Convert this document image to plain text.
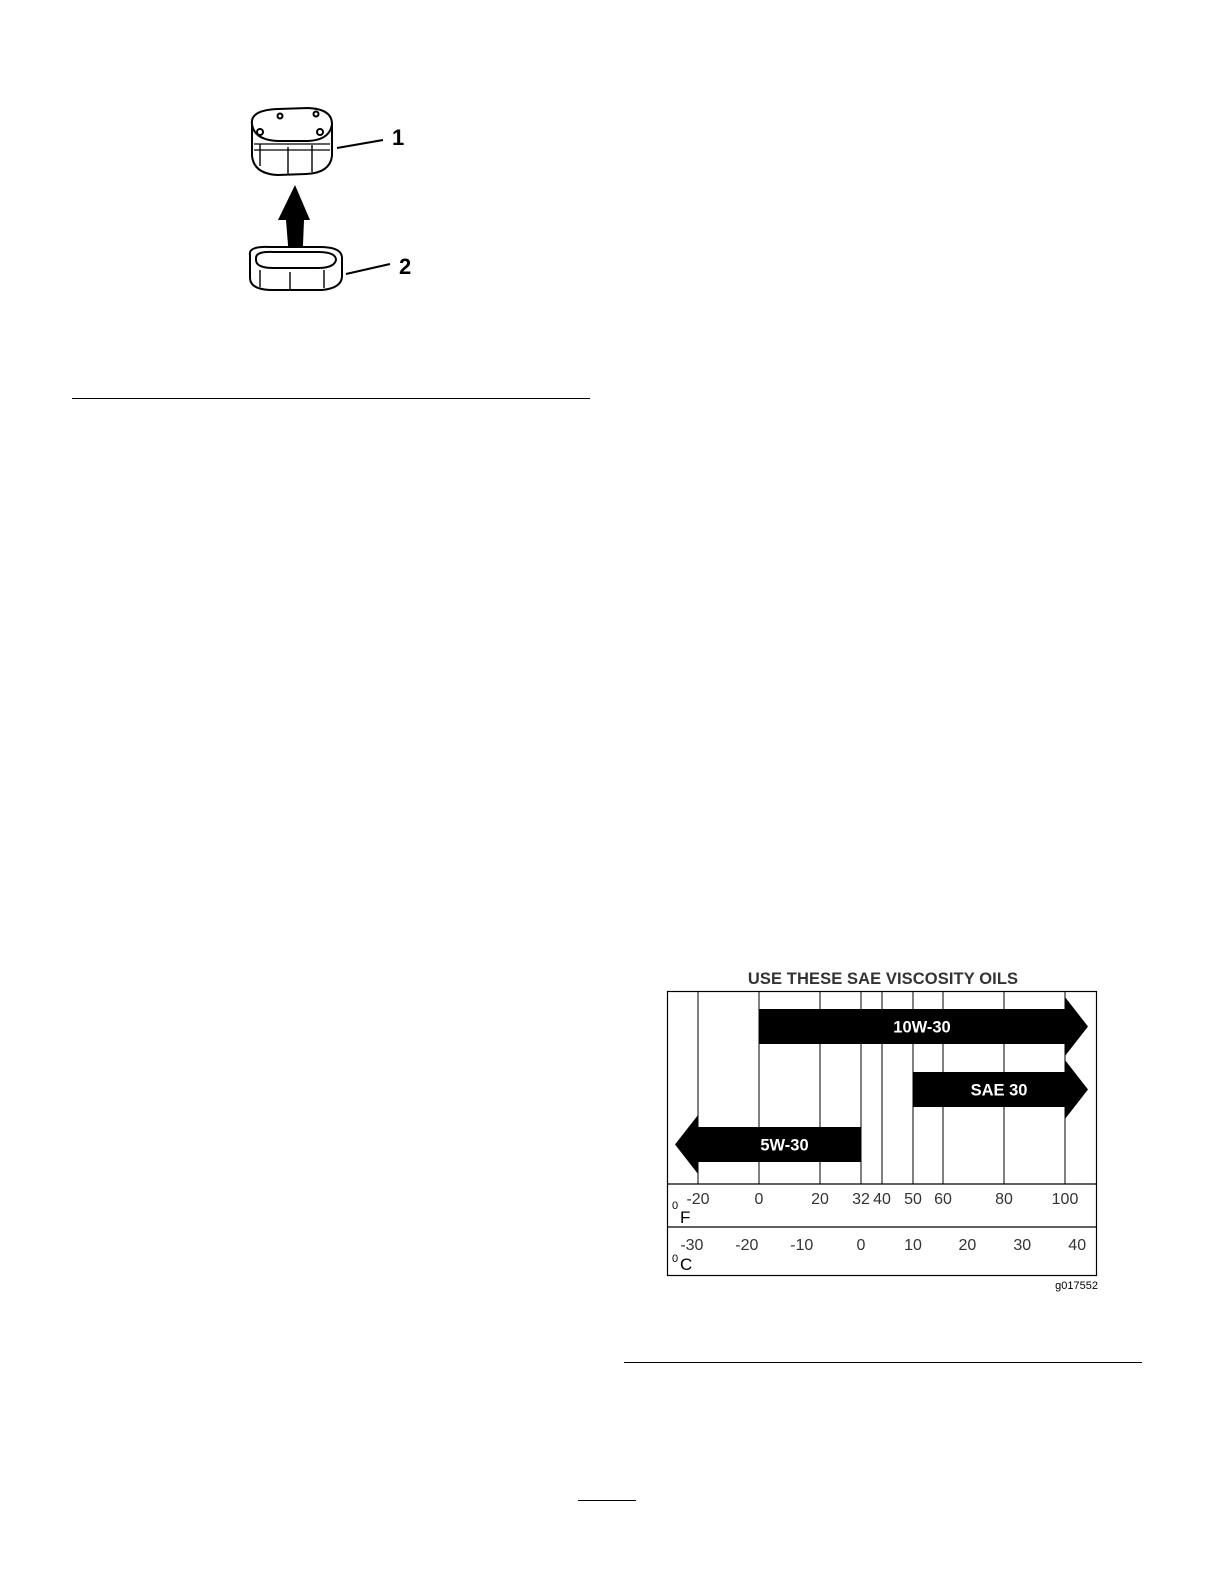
1
2
USE THESE SAE VISCOSITY OILS
10W-30
SAE 30
5W-30
-20	0	20 32 40 50 60	80 100
-30 -20 -10	0 10 20 30 40
0
F
0 C
g017552
